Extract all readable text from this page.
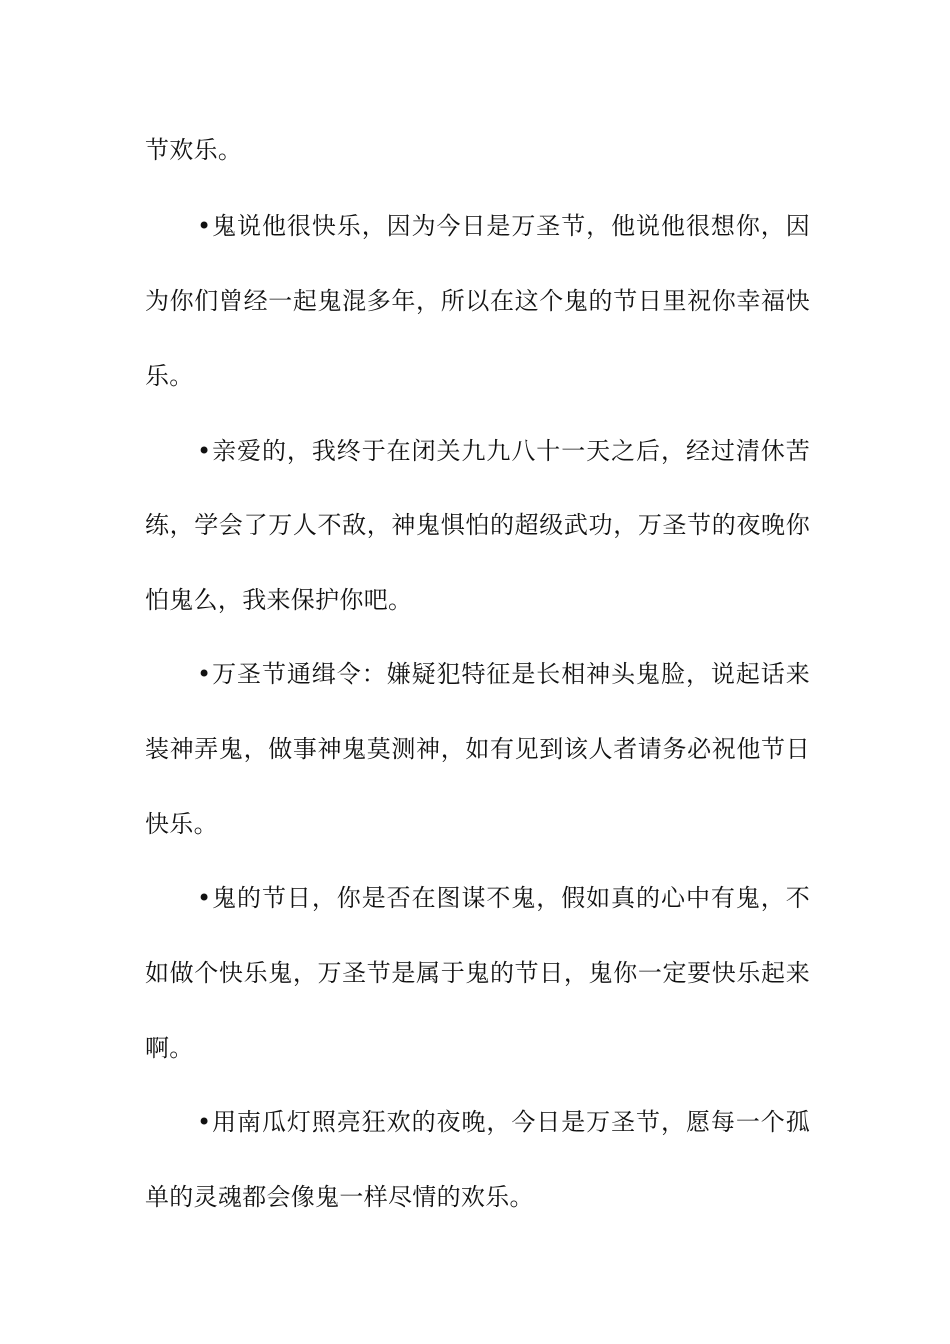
节欢乐。
•鬼说他很快乐，因为今日是万圣节，他说他很想你，因
为你们曾经一起鬼混多年，所以在这个鬼的节日里祝你幸福快
乐。
•亲爱的，我终于在闭关九九八十一天之后，经过清休苦
练，学会了万人不敌，神鬼惧怕的超级武功，万圣节的夜晚你
怕鬼么，我来保护你吧。
•万圣节通缉令：嫌疑犯特征是长相神头鬼脸，说起话来
装神弄鬼，做事神鬼莫测神，如有见到该人者请务必祝他节日
快乐。
•鬼的节日，你是否在图谋不鬼，假如真的心中有鬼，不
如做个快乐鬼，万圣节是属于鬼的节日，鬼你一定要快乐起来
啊。
•用南瓜灯照亮狂欢的夜晚，今日是万圣节，愿每一个孤
单的灵魂都会像鬼一样尽情的欢乐。
